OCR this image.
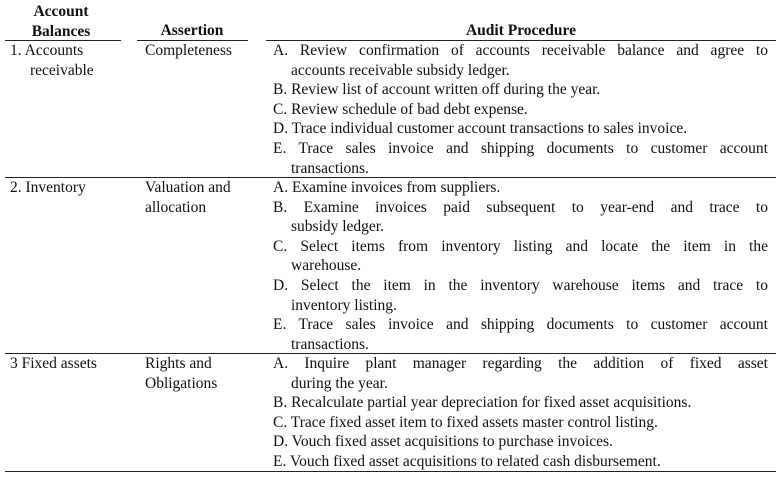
Account
Balances	Assertion	Audit Procedure
1. Accounts
receivable
Completeness	A. Review confirmation of accounts receivable balance and agree to
accounts receivable subsidy ledger.
B. Review list of account written off during the year.
C. Review schedule of bad debt expense.
D. Trace individual customer account transactions to sales invoice.
E. Trace sales invoice and shipping documents to customer account
transactions.
2. Inventory	Valuation and
allocation
A. Examine invoices from suppliers.
B. Examine invoices paid subsequent to year-end and trace to
subsidy ledger.
C. Select items from inventory listing and locate the item in the
warehouse.
D. Select the item in the inventory warehouse items and trace to
inventory listing.
E. Trace sales invoice and shipping documents to customer account
transactions.
3 Fixed assets	Rights and
Obligations
A. Inquire plant manager regarding the addition of fixed asset
during the year.
B. Recalculate partial year depreciation for fixed asset acquisitions.
C. Trace fixed asset item to fixed assets master control listing.
D. Vouch fixed asset acquisitions to purchase invoices.
E. Vouch fixed asset acquisitions to related cash disbursement.
